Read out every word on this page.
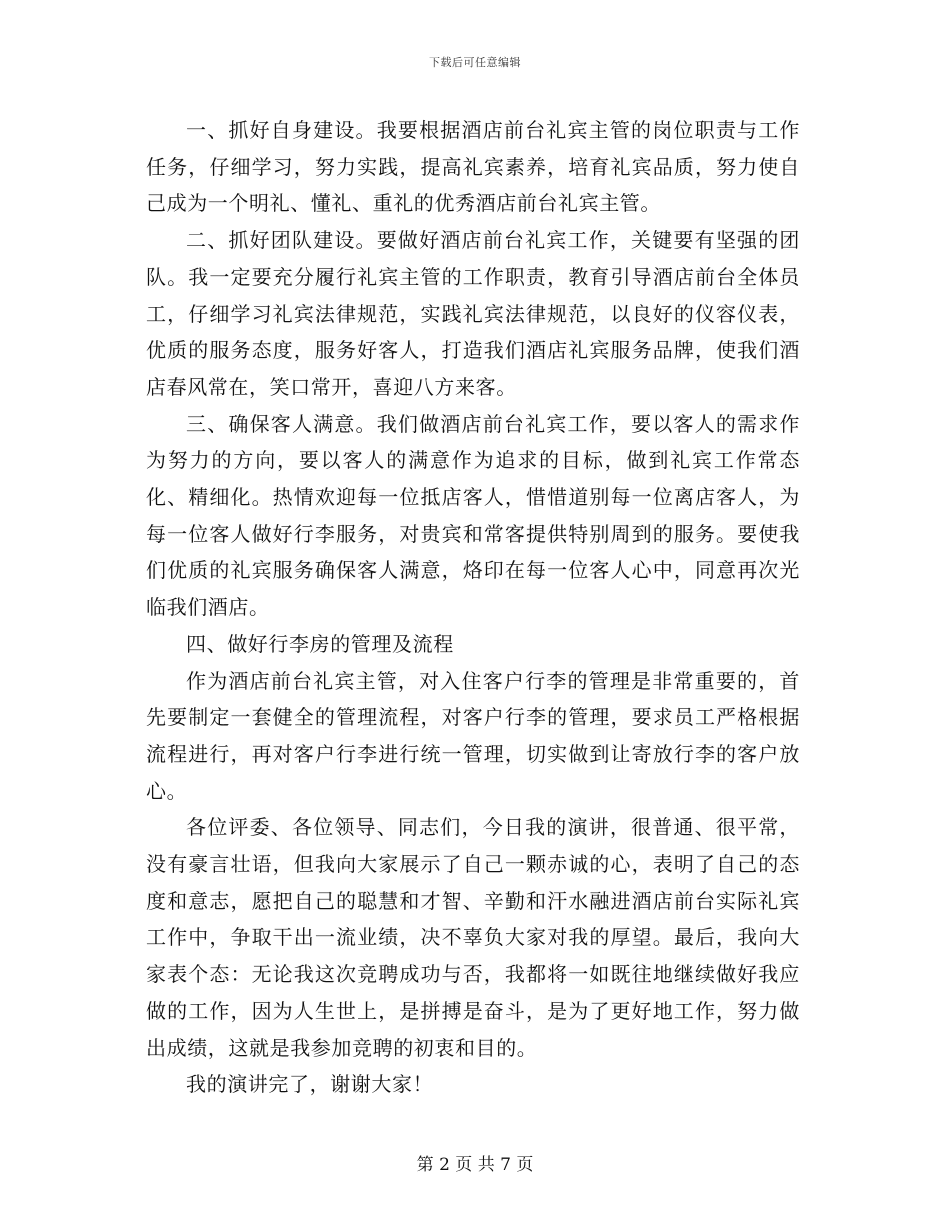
下载后可任意编辑

一、抓好自身建设。我要根据酒店前台礼宾主管的岗位职责与工作任务，仔细学习，努力实践，提高礼宾素养，培育礼宾品质，努力使自己成为一个明礼、懂礼、重礼的优秀酒店前台礼宾主管。

二、抓好团队建设。要做好酒店前台礼宾工作，关键要有坚强的团队。我一定要充分履行礼宾主管的工作职责，教育引导酒店前台全体员工，仔细学习礼宾法律规范，实践礼宾法律规范，以良好的仪容仪表，优质的服务态度，服务好客人，打造我们酒店礼宾服务品牌，使我们酒店春风常在，笑口常开，喜迎八方来客。

三、确保客人满意。我们做酒店前台礼宾工作，要以客人的需求作为努力的方向，要以客人的满意作为追求的目标，做到礼宾工作常态化、精细化。热情欢迎每一位抵店客人，惜惜道别每一位离店客人，为每一位客人做好行李服务，对贵宾和常客提供特别周到的服务。要使我们优质的礼宾服务确保客人满意，烙印在每一位客人心中，同意再次光临我们酒店。

四、做好行李房的管理及流程

作为酒店前台礼宾主管，对入住客户行李的管理是非常重要的，首先要制定一套健全的管理流程，对客户行李的管理，要求员工严格根据流程进行，再对客户行李进行统一管理，切实做到让寄放行李的客户放心。

各位评委、各位领导、同志们，今日我的演讲，很普通、很平常，没有豪言壮语，但我向大家展示了自己一颗赤诚的心，表明了自己的态度和意志，愿把自己的聪慧和才智、辛勤和汗水融进酒店前台实际礼宾工作中，争取干出一流业绩，决不辜负大家对我的厚望。最后，我向大家表个态：无论我这次竞聘成功与否，我都将一如既往地继续做好我应做的工作，因为人生世上，是拼搏是奋斗，是为了更好地工作，努力做出成绩，这就是我参加竞聘的初衷和目的。

我的演讲完了，谢谢大家！

第 2 页 共 7 页
